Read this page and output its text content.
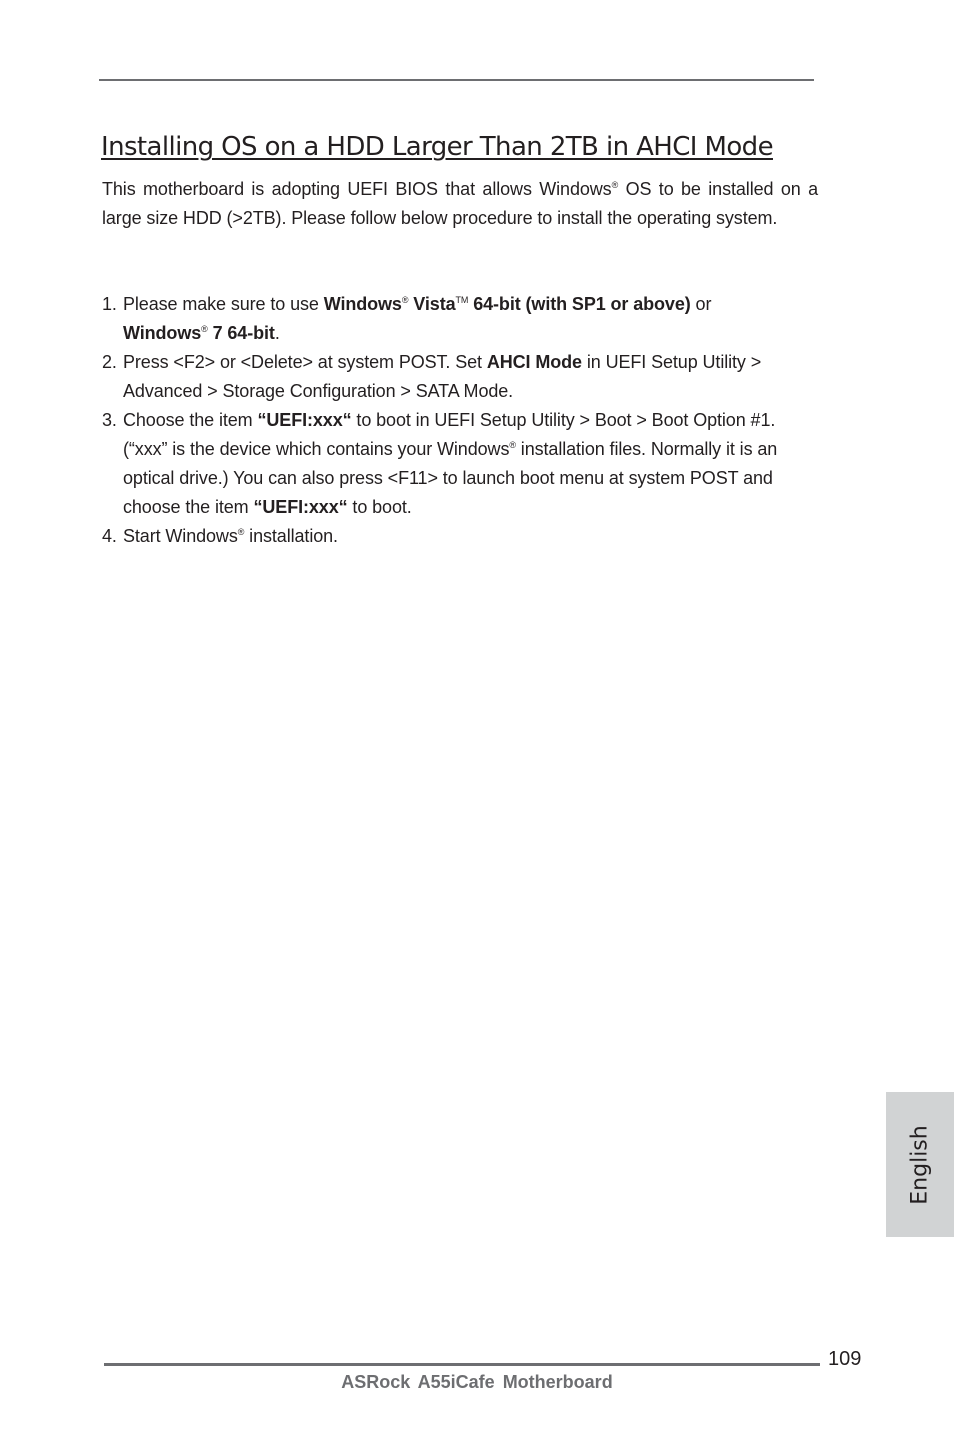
Installing OS on a HDD Larger Than 2TB in AHCI Mode

This motherboard is adopting UEFI BIOS that allows Windows® OS to be installed on a large size HDD (>2TB). Please follow below procedure to install the operating system.

1. Please make sure to use Windows® Vista™ 64-bit (with SP1 or above) or
Windows® 7 64-bit.
2. Press <F2> or <Delete> at system POST. Set AHCI Mode in UEFI Setup Utility > Advanced > Storage Configuration > SATA Mode.
3. Choose the item “UEFI:xxx“ to boot in UEFI Setup Utility > Boot > Boot Option #1. (“xxx” is the device which contains your Windows® installation files. Normally it is an optical drive.) You can also press <F11> to launch boot menu at system POST and choose the item “UEFI:xxx“ to boot.
4. Start Windows® installation.
English
109
ASRock A55iCafe Motherboard
